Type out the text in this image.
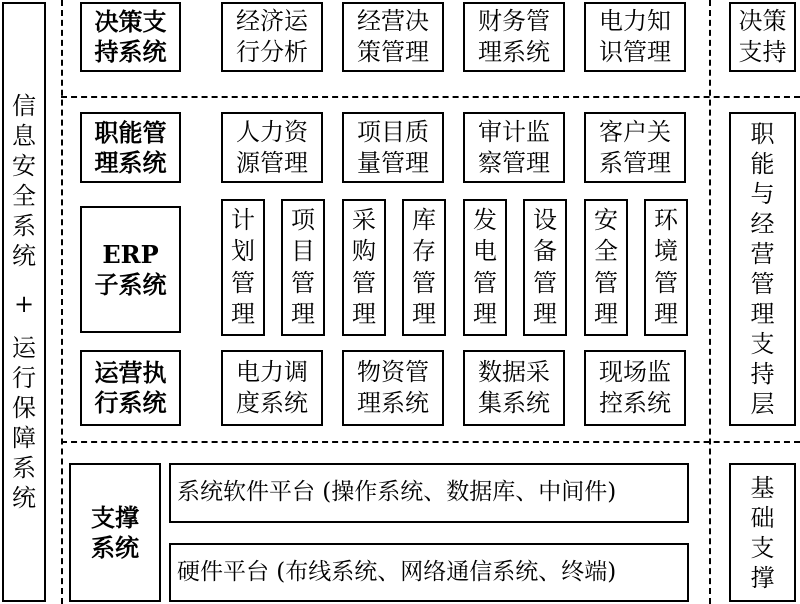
信
息
安
全
系
统
+
运
行
保
障
系
统
决策支
持系统
经济运
行分析
经营决
策管理
财务管
理系统
电力知
识管理
职能管
理系统
人力资
源管理
项目质
量管理
审计监
察管理
客户关
系管理
ERP
子系统
计
划
管
理
项
目
管
理
采
购
管
理
库
存
管
理
发
电
管
理
设
备
管
理
安
全
管
理
环
境
管
理
运营执
行系统
电力调
度系统
物资管
理系统
数据采
集系统
现场监
控系统
支撑
系统
系统软件平台 (操作系统、数据库、中间件)
硬件平台 (布线系统、网络通信系统、终端)
决策
支持
职
能
与
经
营
管
理
支
持
层
基
础
支
撑
